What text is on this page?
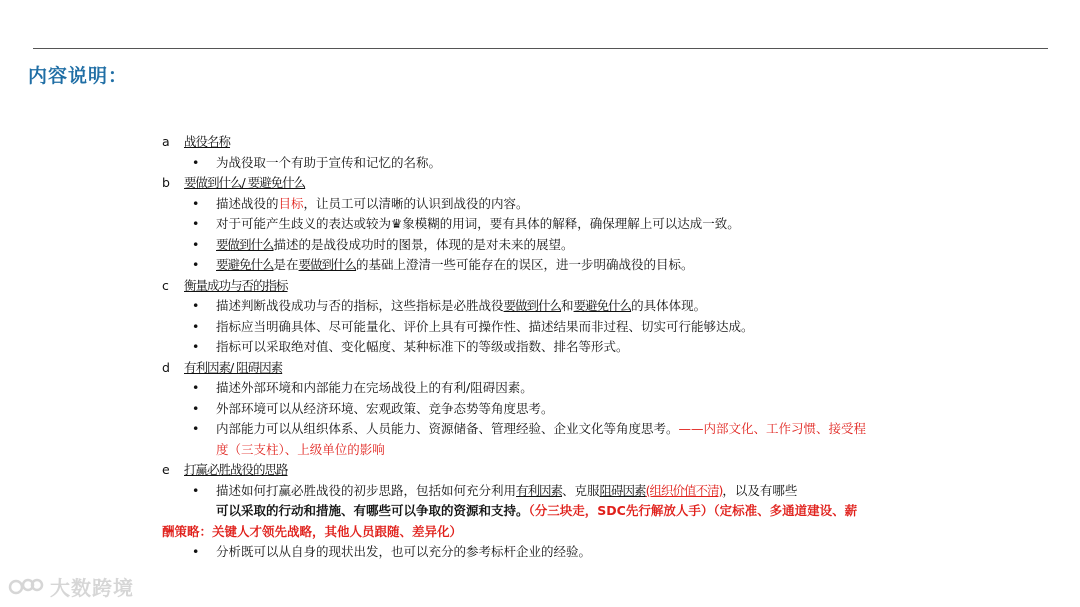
内容说明：
a 战役名称
• 为战役取一个有助于宣传和记忆的名称。
b 要做到什么/ 要避免什么
• 描述战役的目标，让员工可以清晰的认识到战役的内容。
• 对于可能产生歧义的表达或较为♛象模糊的用词，要有具体的解释，确保理解上可以达成一致。
• 要做到什么描述的是战役成功时的图景，体现的是对未来的展望。
• 要避免什么是在要做到什么的基础上澄清一些可能存在的误区，进一步明确战役的目标。
c 衡量成功与否的指标
• 描述判断战役成功与否的指标，这些指标是必胜战役要做到什么和要避免什么的具体体现。
• 指标应当明确具体、尽可能量化、评价上具有可操作性、描述结果而非过程、切实可行能够达成。
• 指标可以采取绝对值、变化幅度、某种标准下的等级或指数、排名等形式。
d 有利因素/ 阻碍因素
• 描述外部环境和内部能力在完场战役上的有利/阻碍因素。
• 外部环境可以从经济环境、宏观政策、竞争态势等角度思考。
• 内部能力可以从组织体系、人员能力、资源储备、管理经验、企业文化等角度思考。——内部文化、工作习惯、接受程
度（三支柱）、上级单位的影响
e 打赢必胜战役的思路
• 描述如何打赢必胜战役的初步思路，包括如何充分利用有利因素、克服阻碍因素(组织价值不清)，以及有哪些
可以采取的行动和措施、有哪些可以争取的资源和支持。（分三块走，SDC先行解放人手）（定标准、多通道建设、薪
酬策略：关键人才领先战略，其他人员跟随、差异化）
• 分析既可以从自身的现状出发，也可以充分的参考标杆企业的经验。
大数跨境
